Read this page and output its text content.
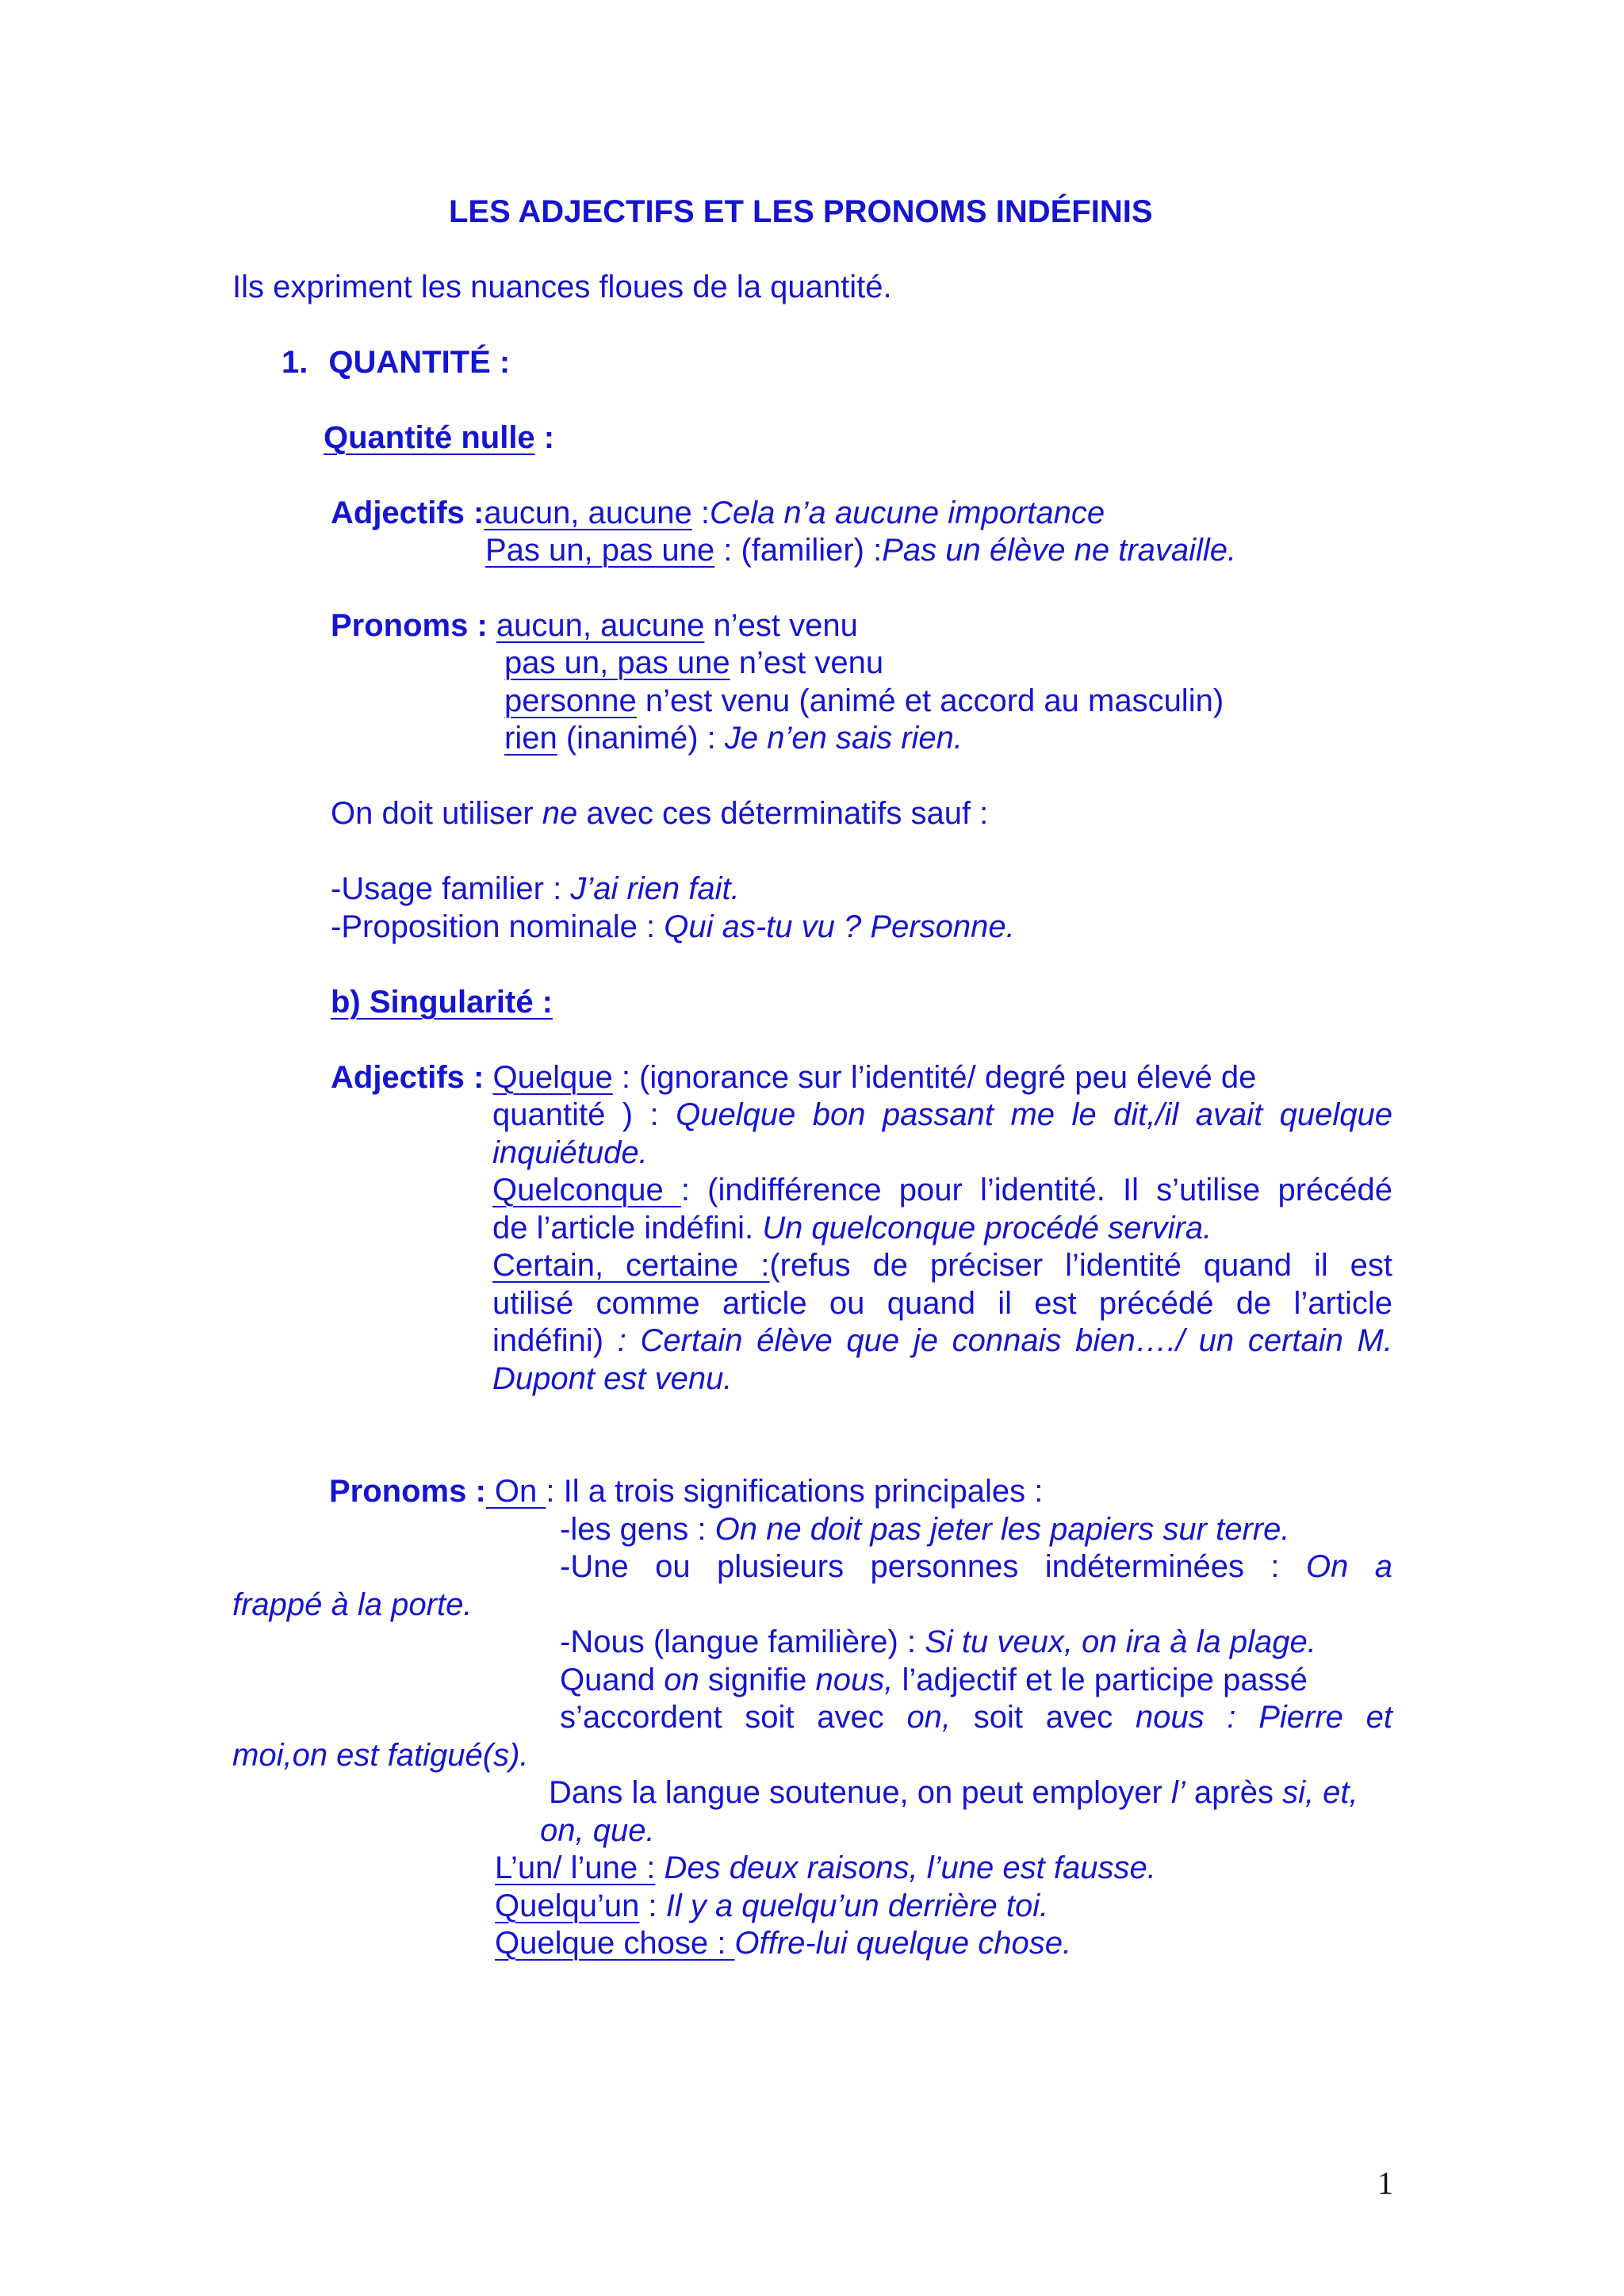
LES ADJECTIFS ET LES PRONOMS INDÉFINIS
Ils expriment les nuances floues de la quantité.
1. QUANTITÉ :
Quantité nulle :
Adjectifs :aucun, aucune :Cela n’a aucune importance
Pas un, pas une : (familier) :Pas un élève ne travaille.
Pronoms : aucun, aucune n’est venu
pas un, pas une n’est venu
personne n’est venu (animé et accord au masculin)
rien (inanimé) : Je n’en sais rien.
On doit utiliser ne avec ces déterminatifs sauf :
-Usage familier : J’ai rien fait.
-Proposition nominale : Qui as-tu vu ? Personne.
b) Singularité :
Adjectifs : Quelque : (ignorance sur l’identité/ degré peu élevé de
quantité ) : Quelque bon passant me le dit,/il avait quelque
inquiétude.
Quelconque : (indifférence pour l’identité. Il s’utilise précédé
de l’article indéfini. Un quelconque procédé servira.
Certain, certaine :(refus de préciser l’identité quand il est
utilisé comme article ou quand il est précédé de l’article
indéfini) : Certain élève que je connais bien…./ un certain M.
Dupont est venu.
Pronoms : On : Il a trois significations principales :
-les gens : On ne doit pas jeter les papiers sur terre.
-Une ou plusieurs personnes indéterminées : On a
frappé à la porte.
-Nous (langue familière) : Si tu veux, on ira à la plage.
Quand on signifie nous, l’adjectif et le participe passé
s’accordent soit avec on, soit avec nous : Pierre et
moi,on est fatigué(s).
Dans la langue soutenue, on peut employer l’ après si, et,
on, que.
L’un/ l’une : Des deux raisons, l’une est fausse.
Quelqu’un : Il y a quelqu’un derrière toi.
Quelque chose : Offre-lui quelque chose.
1
